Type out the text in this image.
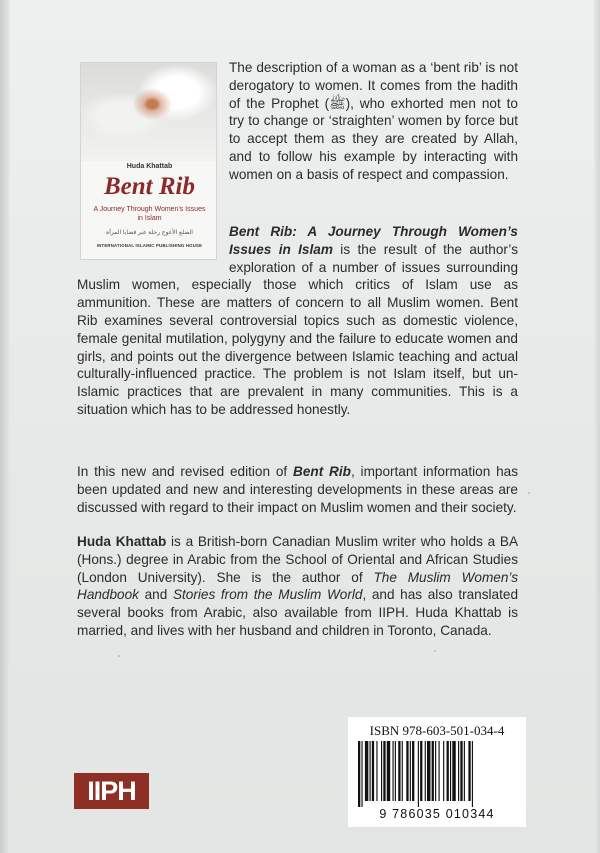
Huda Khattab
Bent Rib
A Journey Through Women's Issues
in Islam
الضلع الأعوج رحلة عبر قضايا المرأة
INTERNATIONAL ISLAMIC PUBLISHING HOUSE

The description of a woman as a ‘bent rib’ is not derogatory to women. It comes from the hadith of the Prophet (ﷺ), who exhorted men not to try to change or ‘straighten’ women by force but to accept them as they are created by Allah, and to follow his example by interacting with women on a basis of respect and compassion.

Bent Rib: A Journey Through Women’s Issues in Islam is the result of the author’s exploration of a number of issues surrounding Muslim women, especially those which critics of Islam use as ammunition. These are matters of concern to all Muslim women. Bent Rib examines several controversial topics such as domestic violence, female genital mutilation, polygyny and the failure to educate women and girls, and points out the divergence between Islamic teaching and actual culturally-influenced practice. The problem is not Islam itself, but un-Islamic practices that are prevalent in many communities. This is a situation which has to be addressed honestly.

In this new and revised edition of Bent Rib, important information has been updated and new and interesting developments in these areas are discussed with regard to their impact on Muslim women and their society.

Huda Khattab is a British-born Canadian Muslim writer who holds a BA (Hons.) degree in Arabic from the School of Oriental and African Studies (London University). She is the author of The Muslim Women’s Handbook and Stories from the Muslim World, and has also translated several books from Arabic, also available from IIPH. Huda Khattab is married, and lives with her husband and children in Toronto, Canada.

ISBN 978-603-501-034-4
9 786035 010344
IIPH
